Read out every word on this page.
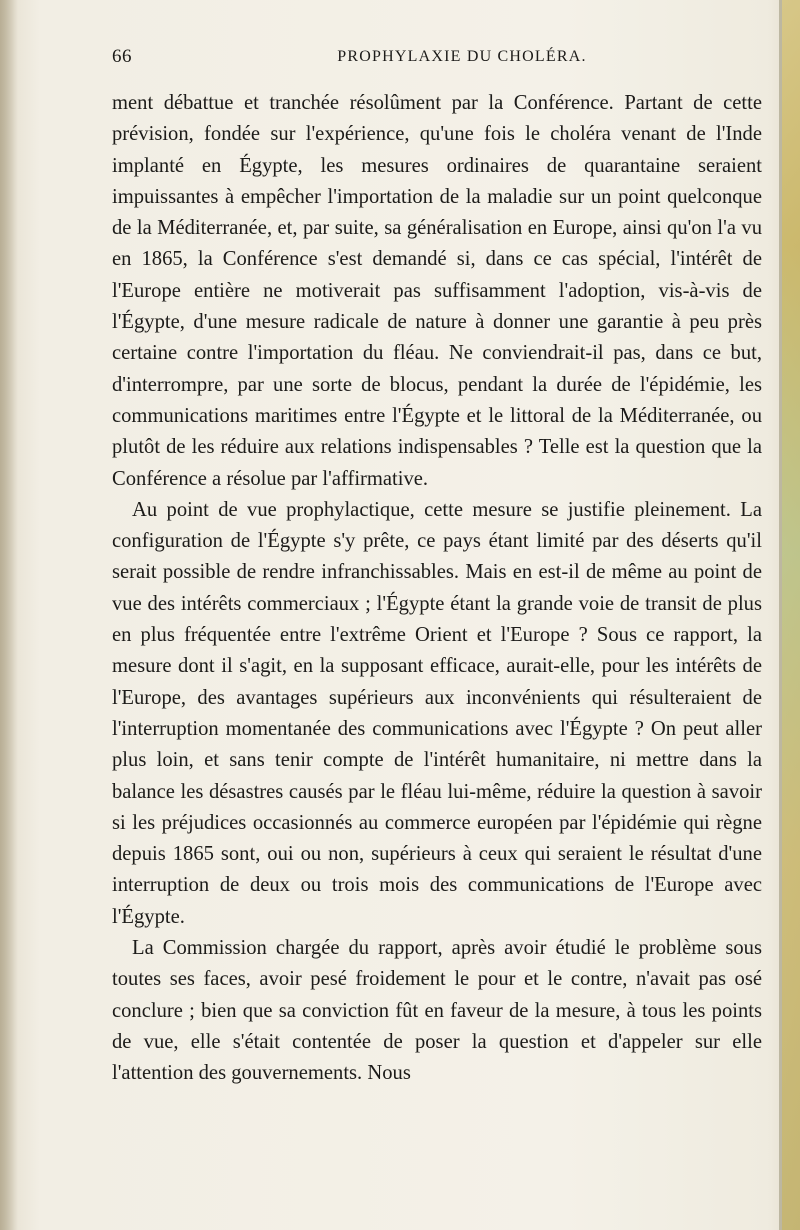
66	PROPHYLAXIE DU CHOLÉRA.

ment débattue et tranchée résolûment par la Conférence. Partant de cette prévision, fondée sur l'expérience, qu'une fois le choléra venant de l'Inde implanté en Égypte, les mesures ordinaires de quarantaine seraient impuissantes à empêcher l'importation de la maladie sur un point quelconque de la Méditerranée, et, par suite, sa généralisation en Europe, ainsi qu'on l'a vu en 1865, la Conférence s'est demandé si, dans ce cas spécial, l'intérêt de l'Europe entière ne motiverait pas suffisamment l'adoption, vis-à-vis de l'Égypte, d'une mesure radicale de nature à donner une garantie à peu près certaine contre l'importation du fléau. Ne conviendrait-il pas, dans ce but, d'interrompre, par une sorte de blocus, pendant la durée de l'épidémie, les communications maritimes entre l'Égypte et le littoral de la Méditerranée, ou plutôt de les réduire aux relations indispensables ? Telle est la question que la Conférence a résolue par l'affirmative.

Au point de vue prophylactique, cette mesure se justifie pleinement. La configuration de l'Égypte s'y prête, ce pays étant limité par des déserts qu'il serait possible de rendre infranchissables. Mais en est-il de même au point de vue des intérêts commerciaux ; l'Égypte étant la grande voie de transit de plus en plus fréquentée entre l'extrême Orient et l'Europe ? Sous ce rapport, la mesure dont il s'agit, en la supposant efficace, aurait-elle, pour les intérêts de l'Europe, des avantages supérieurs aux inconvénients qui résulteraient de l'interruption momentanée des communications avec l'Égypte ? On peut aller plus loin, et sans tenir compte de l'intérêt humanitaire, ni mettre dans la balance les désastres causés par le fléau lui-même, réduire la question à savoir si les préjudices occasionnés au commerce européen par l'épidémie qui règne depuis 1865 sont, oui ou non, supérieurs à ceux qui seraient le résultat d'une interruption de deux ou trois mois des communications de l'Europe avec l'Égypte.

La Commission chargée du rapport, après avoir étudié le problème sous toutes ses faces, avoir pesé froidement le pour et le contre, n'avait pas osé conclure ; bien que sa conviction fût en faveur de la mesure, à tous les points de vue, elle s'était contentée de poser la question et d'appeler sur elle l'attention des gouvernements. Nous
